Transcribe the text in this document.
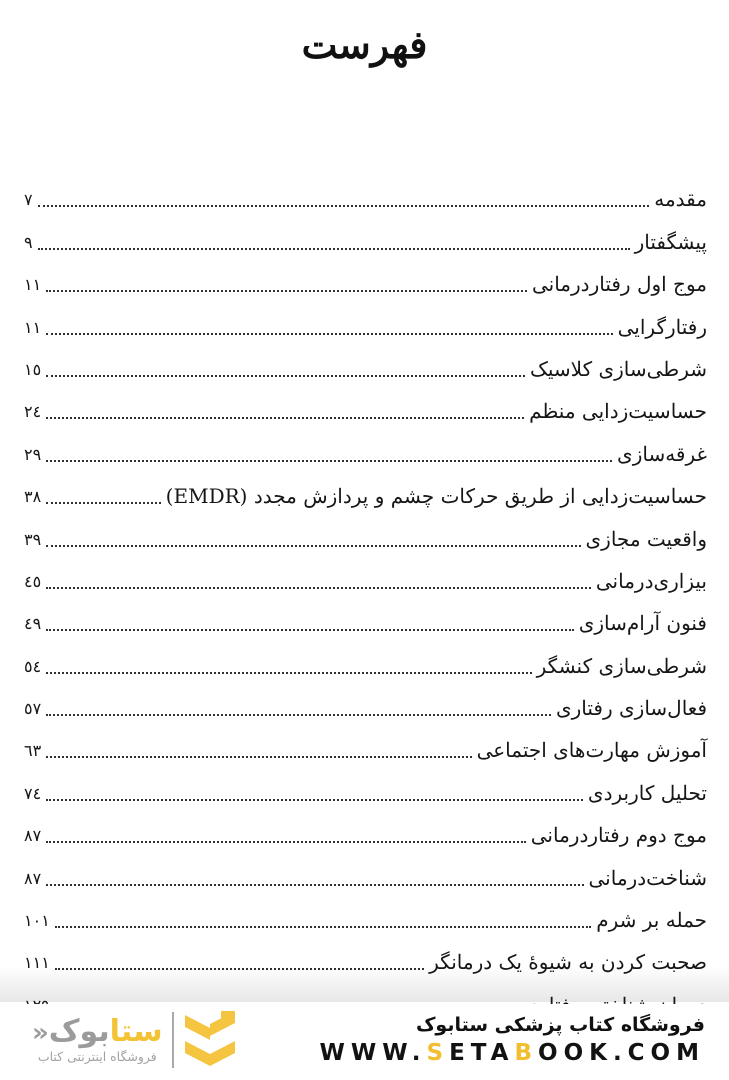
فهرست
مقدمه
٧
پیشگفتار
٩
موج اول رفتاردرمانی
١١
رفتارگرایی
١١
شرطی‌سازی کلاسیک
١٥
حساسیت‌زدایی منظم
٢٤
غرقه‌سازی
٢٩
حساسیت‌زدایی از طریق حرکات چشم و پردازش مجدد (EMDR)
٣٨
واقعیت مجازی
٣٩
بیزاری‌درمانی
٤٥
فنون آرام‌سازی
٤٩
شرطی‌سازی کنشگر
٥٤
فعال‌سازی رفتاری
٥٧
آموزش مهارت‌های اجتماعی
٦٣
تحلیل کاربردی
٧٤
موج دوم رفتاردرمانی
٨٧
شناخت‌درمانی
٨٧
حمله بر شرم
١٠١
صحبت کردن به شیوهٔ یک درمانگر
١١١
ستابوک«
فروشگاه اینترنتی کتاب
فروشگاه کتاب پزشکی ستابوک
WWW.SETABOOK.COM
